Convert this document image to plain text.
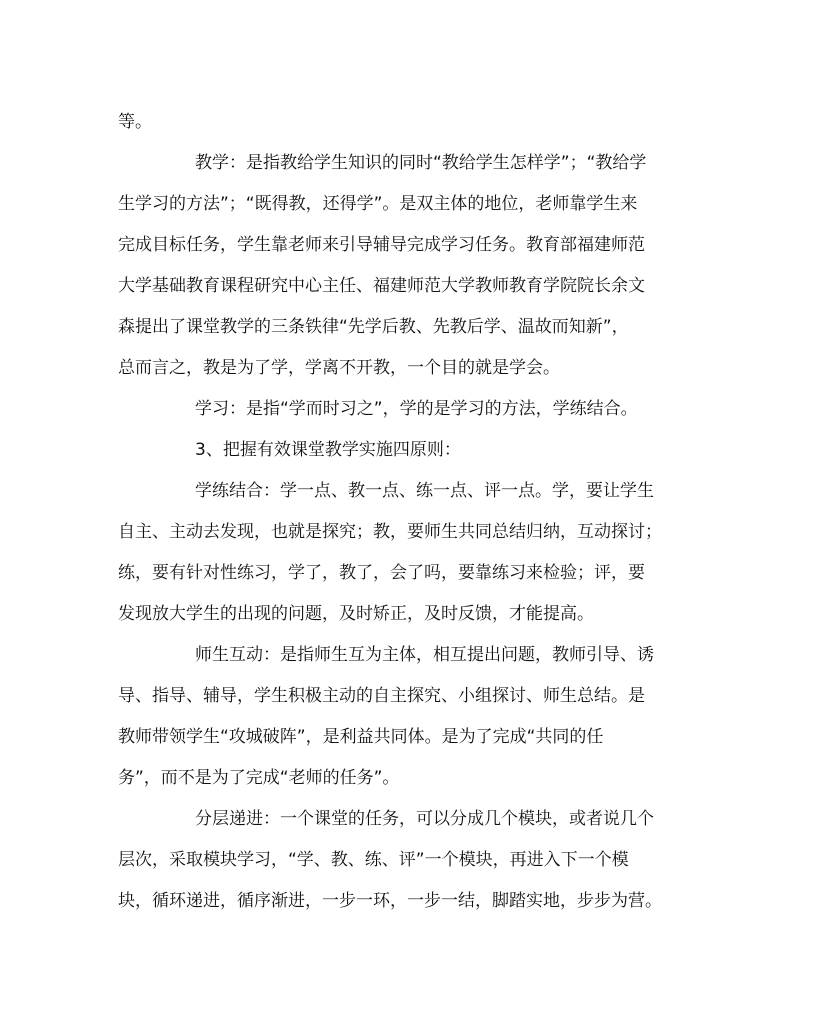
等。
教学：是指教给学生知识的同时“教给学生怎样学”；“教给学
生学习的方法”；“既得教，还得学”。是双主体的地位，老师靠学生来
完成目标任务，学生靠老师来引导辅导完成学习任务。教育部福建师范
大学基础教育课程研究中心主任、福建师范大学教师教育学院院长余文
森提出了课堂教学的三条铁律“先学后教、先教后学、温故而知新”，
总而言之，教是为了学，学离不开教，一个目的就是学会。
学习：是指“学而时习之”，学的是学习的方法，学练结合。
3、把握有效课堂教学实施四原则：
学练结合：学一点、教一点、练一点、评一点。学，要让学生
自主、主动去发现，也就是探究；教，要师生共同总结归纳，互动探讨；
练，要有针对性练习，学了，教了，会了吗，要靠练习来检验；评，要
发现放大学生的出现的问题，及时矫正，及时反馈，才能提高。
师生互动：是指师生互为主体，相互提出问题，教师引导、诱
导、指导、辅导，学生积极主动的自主探究、小组探讨、师生总结。是
教师带领学生“攻城破阵”，是利益共同体。是为了完成“共同的任
务”，而不是为了完成“老师的任务”。
分层递进：一个课堂的任务，可以分成几个模块，或者说几个
层次，采取模块学习，“学、教、练、评”一个模块，再进入下一个模
块，循环递进，循序渐进，一步一环，一步一结，脚踏实地，步步为营。
